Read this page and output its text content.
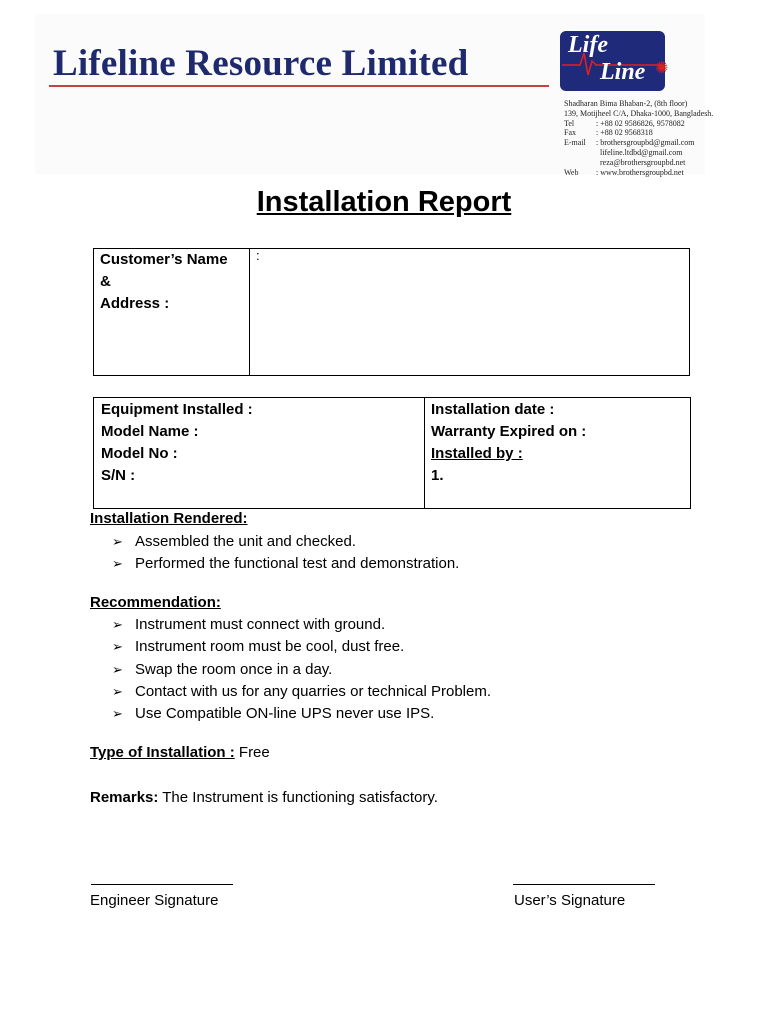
Lifeline Resource Limited	Life
Line ✺
Shadharan Bima Bhaban-2, (8th floor)
139, Motijheel C/A, Dhaka-1000, Bangladesh.
Tel	: +88 02 9586826, 9578082
Fax	: +88 02 9568318
E-mail : brothersgroupbd@gmail.com
lifeline.ltdbd@gmail.com
reza@brothersgroupbd.net
Web : www.brothersgroupbd.net
Installation Report
Customer’s Name
&
Address :
:
Equipment Installed :
Model Name :
Model No :
S/N :
Installation date :
Warranty Expired on :
Installed by :
1.
Installation Rendered:
➢ Assembled the unit and checked.
➢ Performed the functional test and demonstration.
Recommendation:
➢ Instrument must connect with ground.
➢ Instrument room must be cool, dust free.
➢ Swap the room once in a day.
➢ Contact with us for any quarries or technical Problem.
➢ Use Compatible ON-line UPS never use IPS.
Type of Installation : Free
Remarks: The Instrument is functioning satisfactory.
Engineer Signature	User’s Signature
